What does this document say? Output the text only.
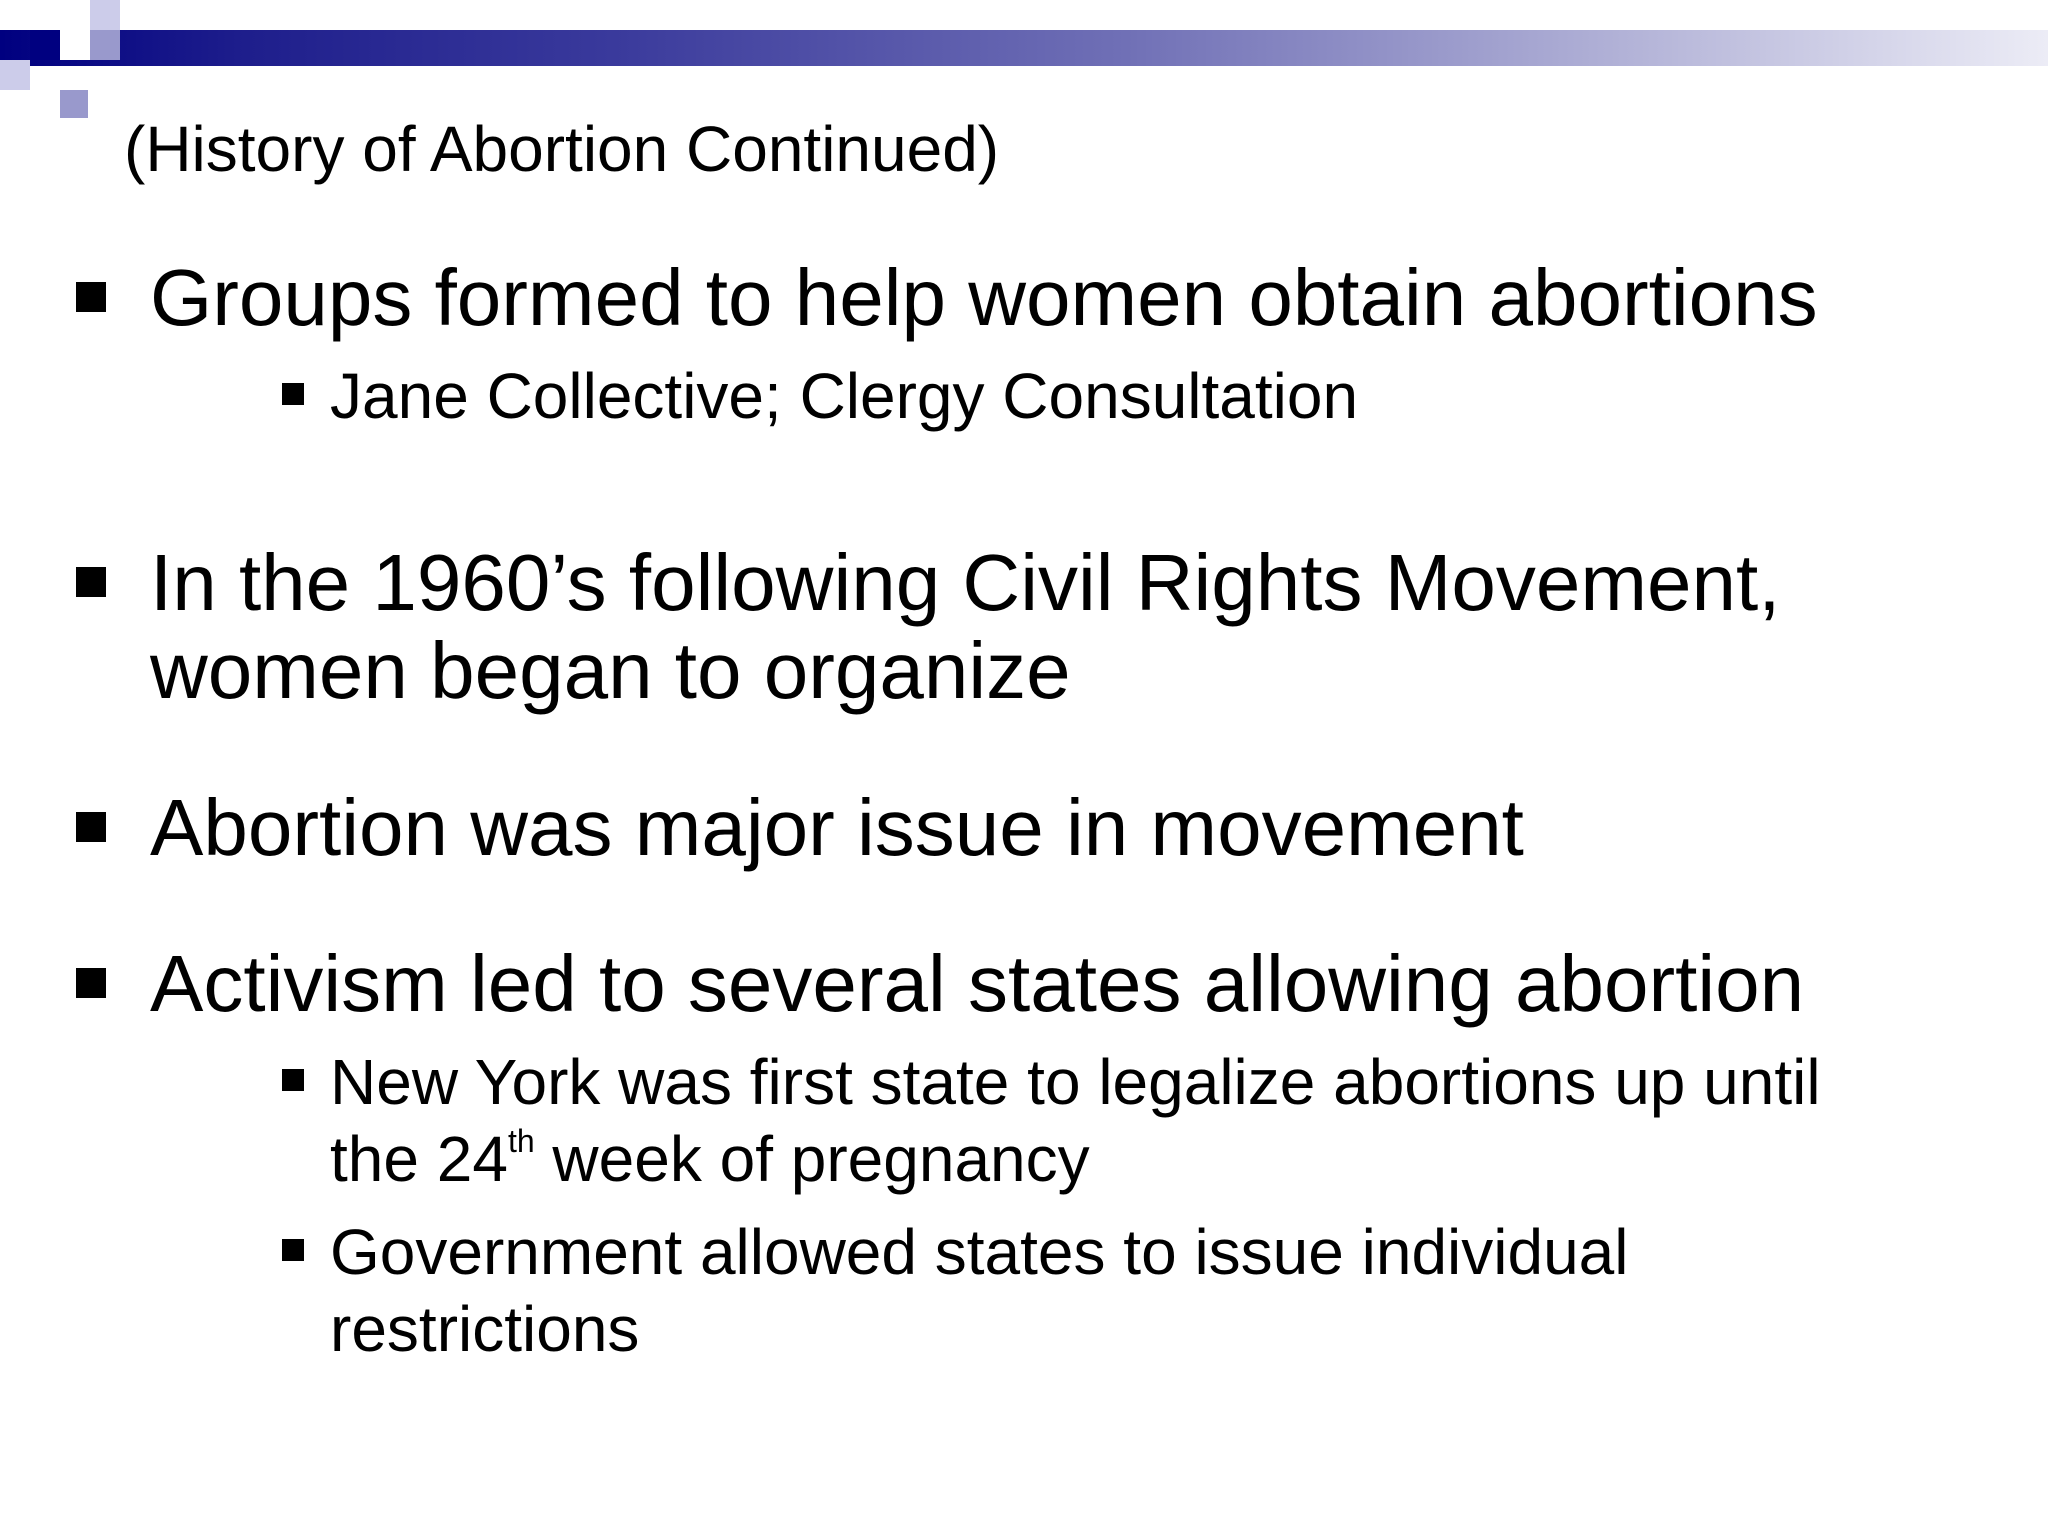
(History of Abortion Continued)
Groups formed to help women obtain abortions
Jane Collective; Clergy Consultation
In the 1960’s following Civil Rights Movement,
women began to organize
Abortion was major issue in movement
Activism led to several states allowing abortion
New York was first state to legalize abortions up until
the 24th week of pregnancy
Government allowed states to issue individual
restrictions
